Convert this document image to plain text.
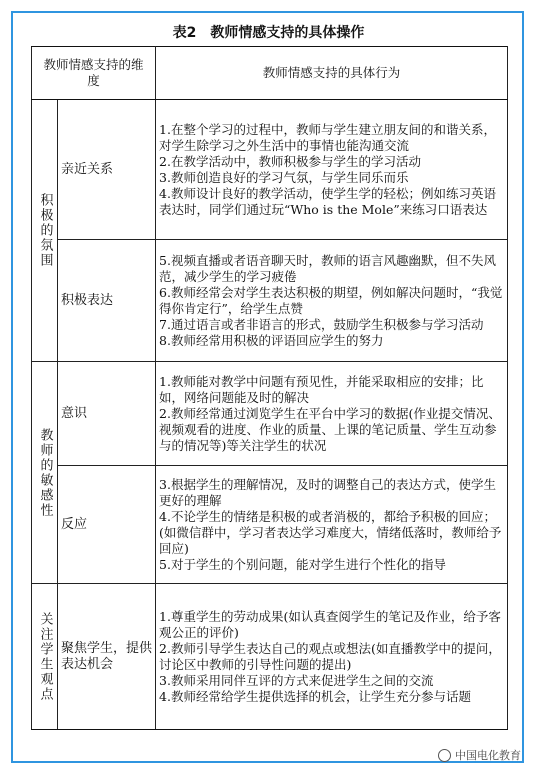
表2　教师情感支持的具体操作
教师情感支持的维度		教师情感支持的具体行为
积极的氛围	亲近关系	1.在整个学习的过程中，教师与学生建立朋友间的和谐关系，对学生除学习之外生活中的事情也能沟通交流
2.在教学活动中，教师积极参与学生的学习活动
3.教师创造良好的学习气氛，与学生同乐而乐
4.教师设计良好的教学活动，使学生学的轻松；例如练习英语表达时，同学们通过玩“Who is the Mole”来练习口语表达

	积极表达	5.视频直播或者语音聊天时，教师的语言风趣幽默，但不失风范，减少学生的学习疲倦
6.教师经常会对学生表达积极的期望，例如解决问题时，“我觉得你肯定行”，给学生点赞
7.通过语言或者非语言的形式，鼓励学生积极参与学习活动
8.教师经常用积极的评语回应学生的努力

教师的敏感性	意识	1.教师能对教学中问题有预见性，并能采取相应的安排；比如，网络问题能及时的解决
2.教师经常通过浏览学生在平台中学习的数据(作业提交情况、视频观看的进度、作业的质量、上课的笔记质量、学生互动参与的情况等)等关注学生的状况

	反应	3.根据学生的理解情况，及时的调整自己的表达方式，使学生更好的理解
4.不论学生的情绪是积极的或者消极的，都给予积极的回应；(如微信群中，学习者表达学习难度大，情绪低落时，教师给予回应)
5.对于学生的个别问题，能对学生进行个性化的指导

关注学生观点	聚焦学生，提供表达机会	1.尊重学生的劳动成果(如认真查阅学生的笔记及作业，给予客观公正的评价)
2.教师引导学生表达自己的观点或想法(如直播教学中的提问，讨论区中教师的引导性问题的提出)
3.教师采用同伴互评的方式来促进学生之间的交流
4.教师经常给学生提供选择的机会，让学生充分参与话题
中国电化教育
